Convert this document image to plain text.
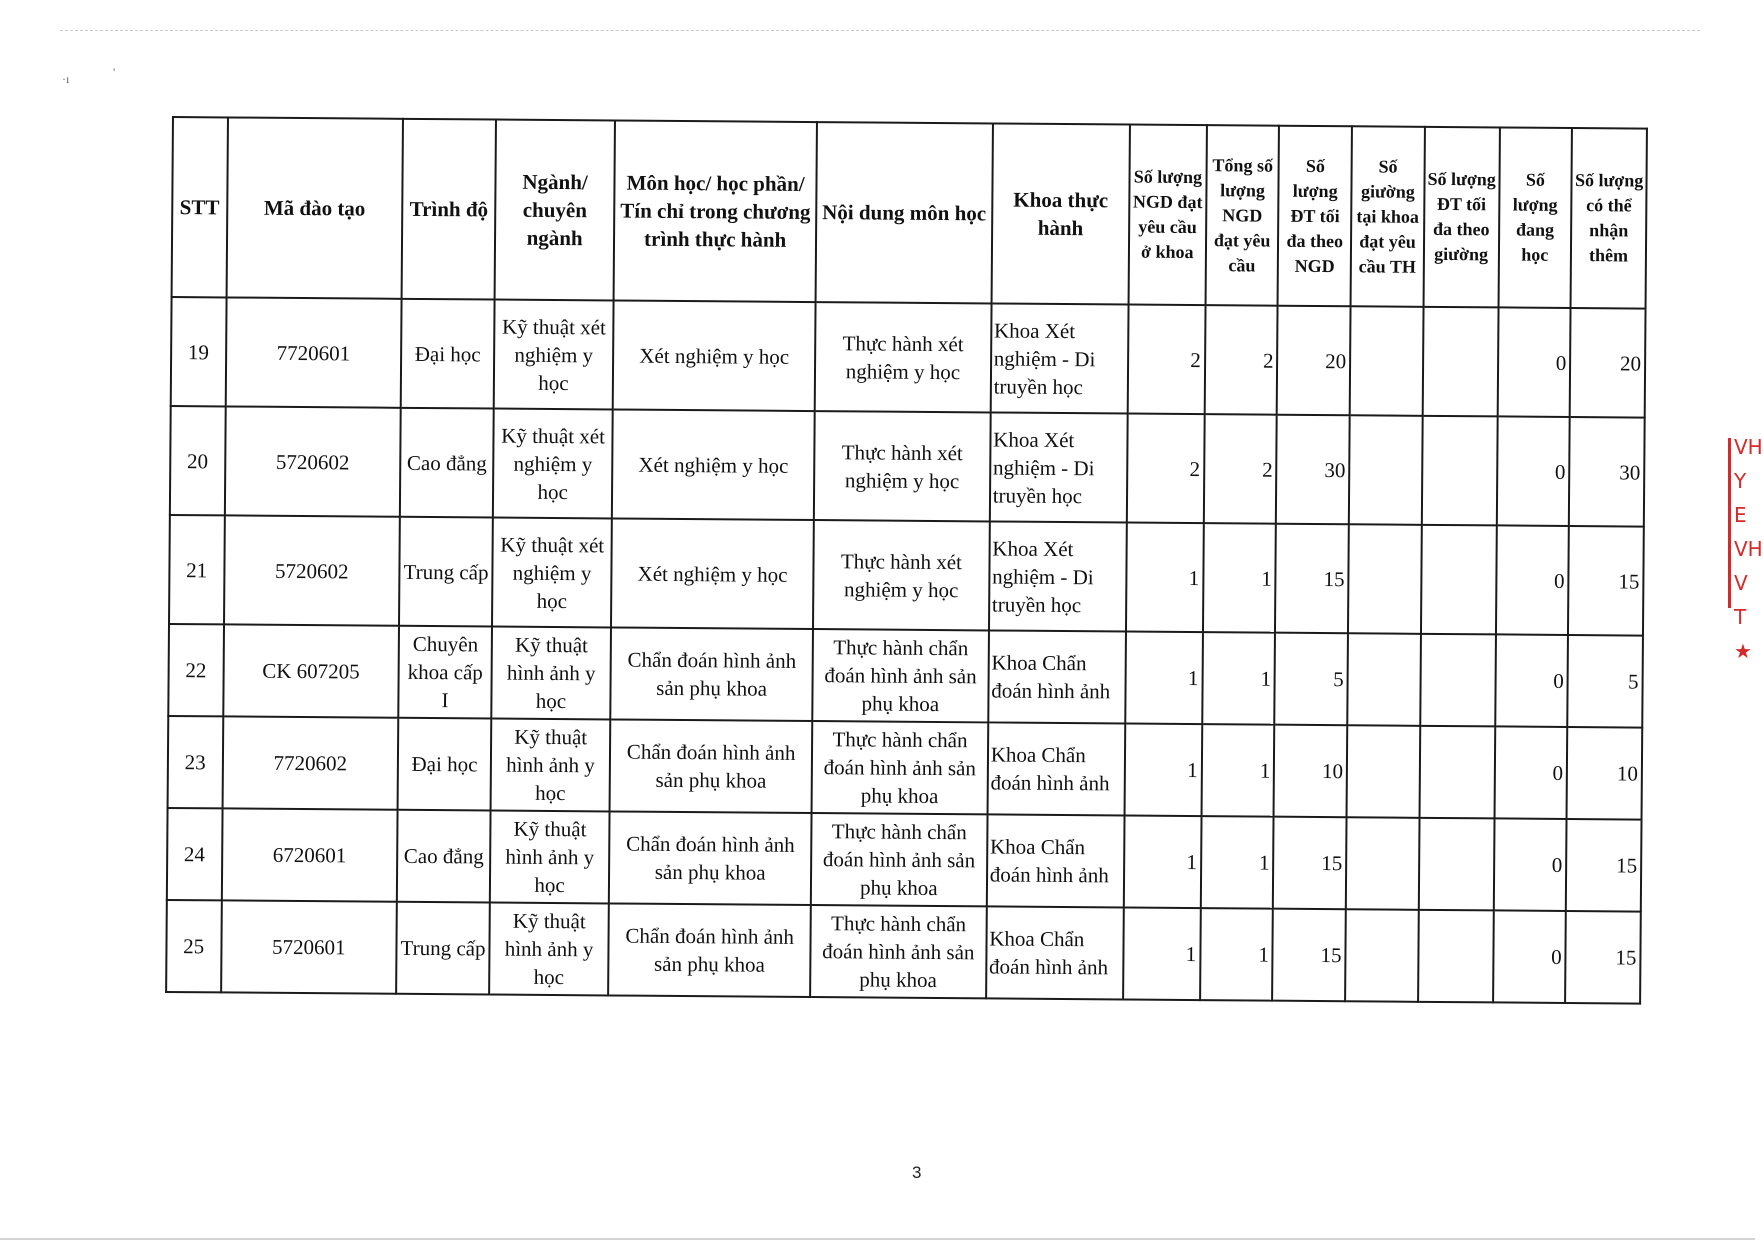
·ı	'
STT	Mã đào tạo	Trình độ	Ngành/ chuyên ngành	Môn học/ học phần/ Tín chỉ trong chương trình thực hành	Nội dung môn học	Khoa thực hành	Số lượng NGD đạt yêu cầu ở khoa	Tổng số lượng NGD đạt yêu cầu	Số lượng ĐT tối đa theo NGD	Số giường tại khoa đạt yêu cầu TH	Số lượng ĐT tối đa theo giường	Số lượng đang học	Số lượng có thể nhận thêm
19	7720601	Đại học	Kỹ thuật xét nghiệm y học	Xét nghiệm y học	Thực hành xét nghiệm y học	Khoa Xét nghiệm - Di truyền học	2	2	20			0	20
20	5720602	Cao đẳng	Kỹ thuật xét nghiệm y học	Xét nghiệm y học	Thực hành xét nghiệm y học	Khoa Xét nghiệm - Di truyền học	2	2	30			0	30
21	5720602	Trung cấp	Kỹ thuật xét nghiệm y học	Xét nghiệm y học	Thực hành xét nghiệm y học	Khoa Xét nghiệm - Di truyền học	1	1	15			0	15
22	CK 607205	Chuyên khoa cấp I	Kỹ thuật hình ảnh y học	Chẩn đoán hình ảnh sản phụ khoa	Thực hành chẩn đoán hình ảnh sản phụ khoa	Khoa Chẩn đoán hình ảnh	1	1	5			0	5
23	7720602	Đại học	Kỹ thuật hình ảnh y học	Chẩn đoán hình ảnh sản phụ khoa	Thực hành chẩn đoán hình ảnh sản phụ khoa	Khoa Chẩn đoán hình ảnh	1	1	10			0	10
24	6720601	Cao đẳng	Kỹ thuật hình ảnh y học	Chẩn đoán hình ảnh sản phụ khoa	Thực hành chẩn đoán hình ảnh sản phụ khoa	Khoa Chẩn đoán hình ảnh	1	1	15			0	15
25	5720601	Trung cấp	Kỹ thuật hình ảnh y học	Chẩn đoán hình ảnh sản phụ khoa	Thực hành chẩn đoán hình ảnh sản phụ khoa	Khoa Chẩn đoán hình ảnh	1	1	15			0	15
3
VH
Y E
VH
V T
★
